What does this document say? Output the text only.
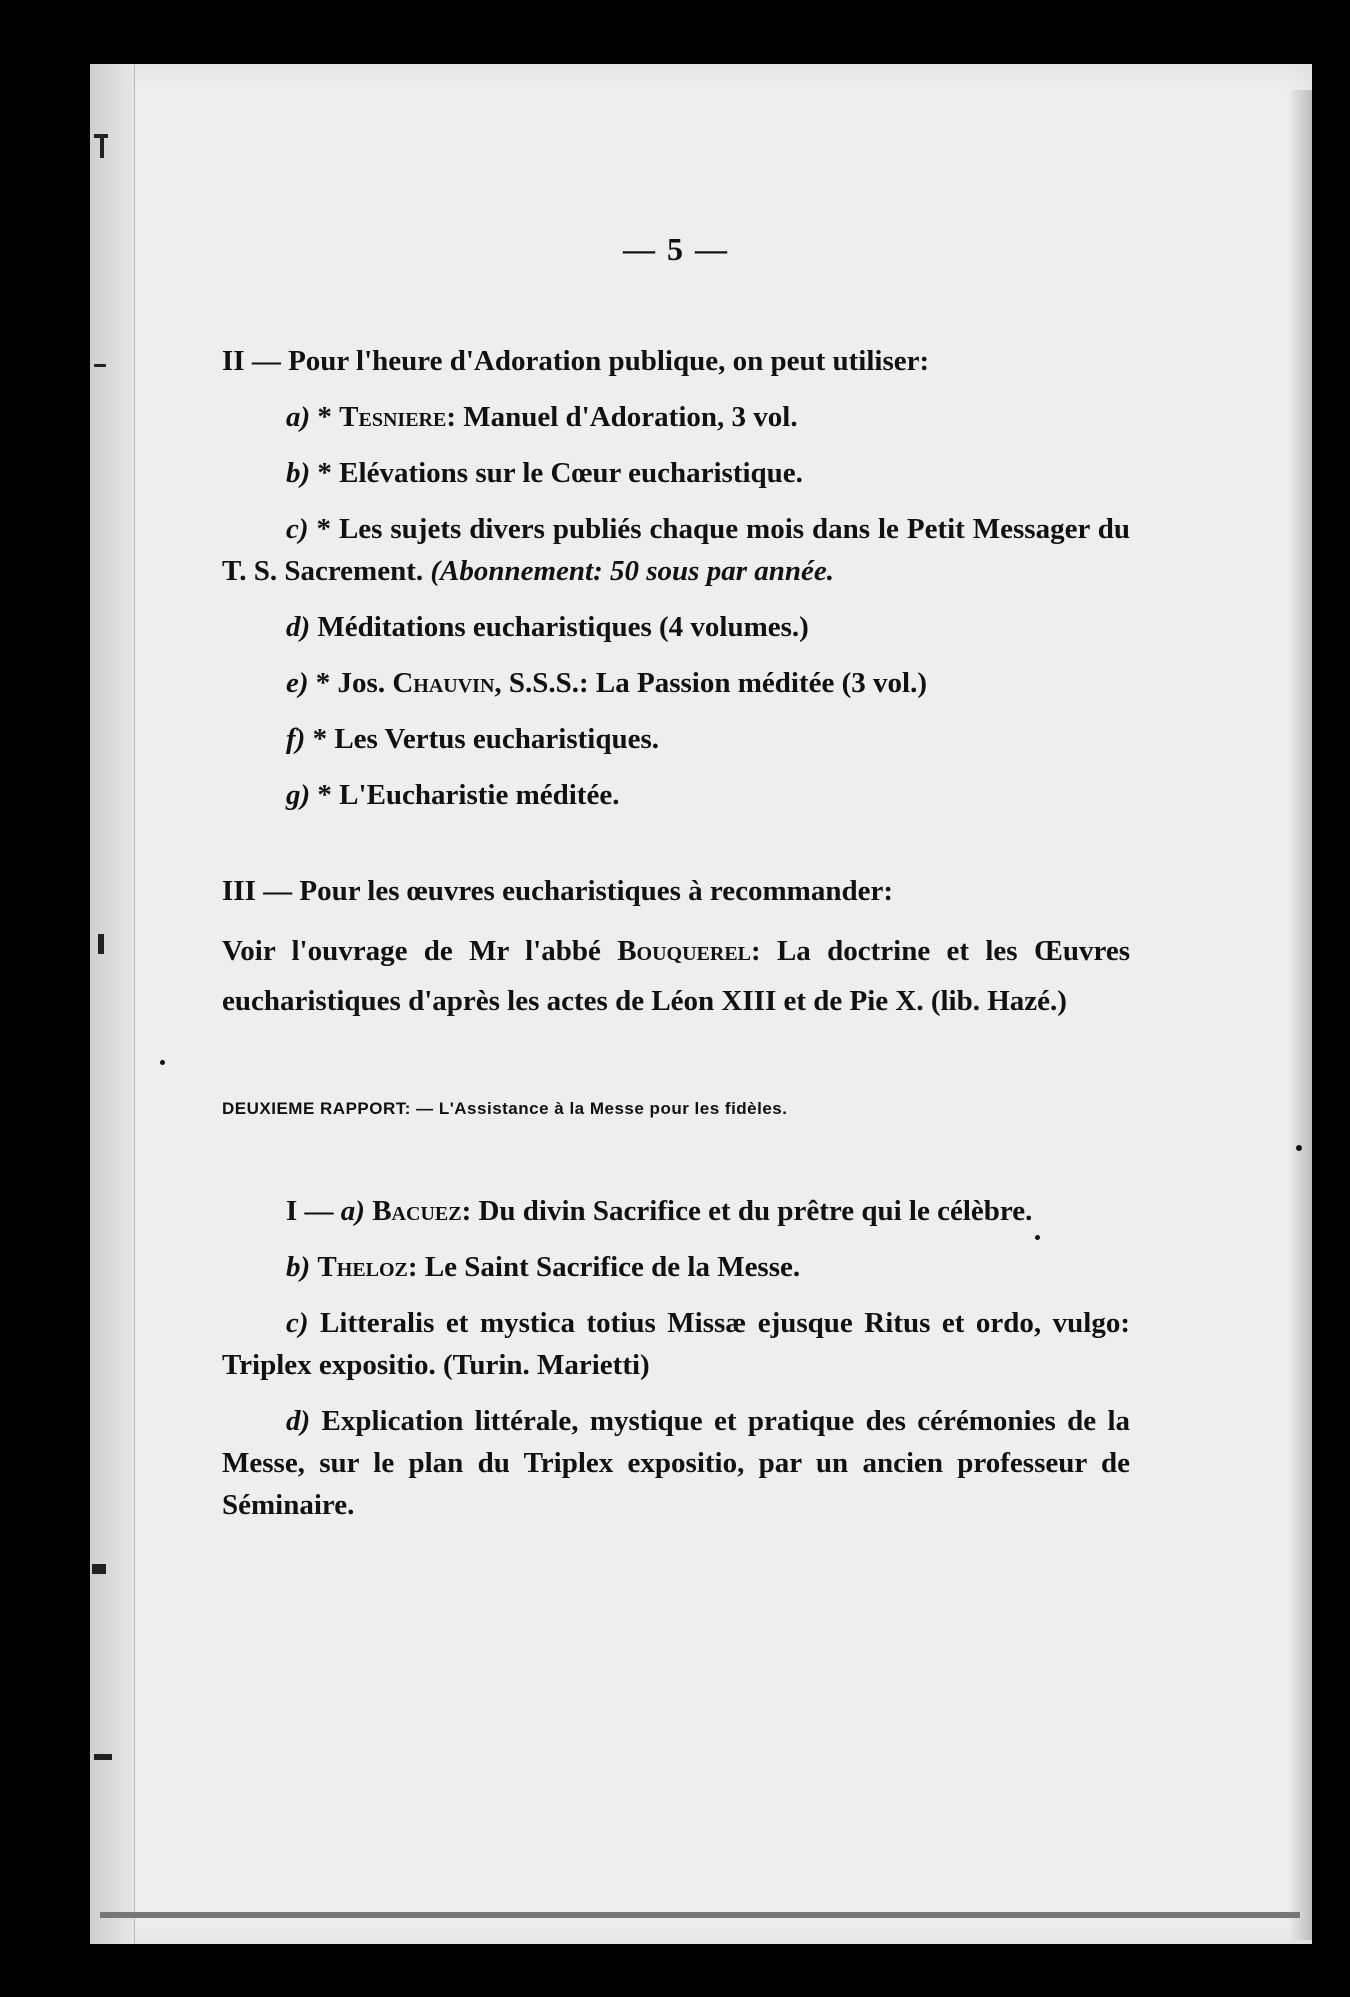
— 5 —

II — Pour l'heure d'Adoration publique, on peut utiliser:

a) * Tesniere: Manuel d'Adoration, 3 vol.

b) * Elévations sur le Cœur eucharistique.

c) * Les sujets divers publiés chaque mois dans le Petit Messager du T. S. Sacrement. (Abonnement: 50 sous par année.

d) Méditations eucharistiques (4 volumes.)

e) * Jos. Chauvin, S.S.S.: La Passion méditée (3 vol.)

f) * Les Vertus eucharistiques.

g) * L'Eucharistie méditée.

III — Pour les œuvres eucharistiques à recommander:

Voir l'ouvrage de Mr l'abbé Bouquerel: La doctrine et les Œuvres eucharistiques d'après les actes de Léon XIII et de Pie X. (lib. Hazé.)

DEUXIEME RAPPORT: — L'Assistance à la Messe pour les fidèles.

I — a) Bacuez: Du divin Sacrifice et du prêtre qui le célèbre.

b) Theloz: Le Saint Sacrifice de la Messe.

c) Litteralis et mystica totius Missæ ejusque Ritus et ordo, vulgo: Triplex expositio. (Turin. Marietti)

d) Explication littérale, mystique et pratique des cérémonies de la Messe, sur le plan du Triplex expositio, par un ancien professeur de Séminaire.
